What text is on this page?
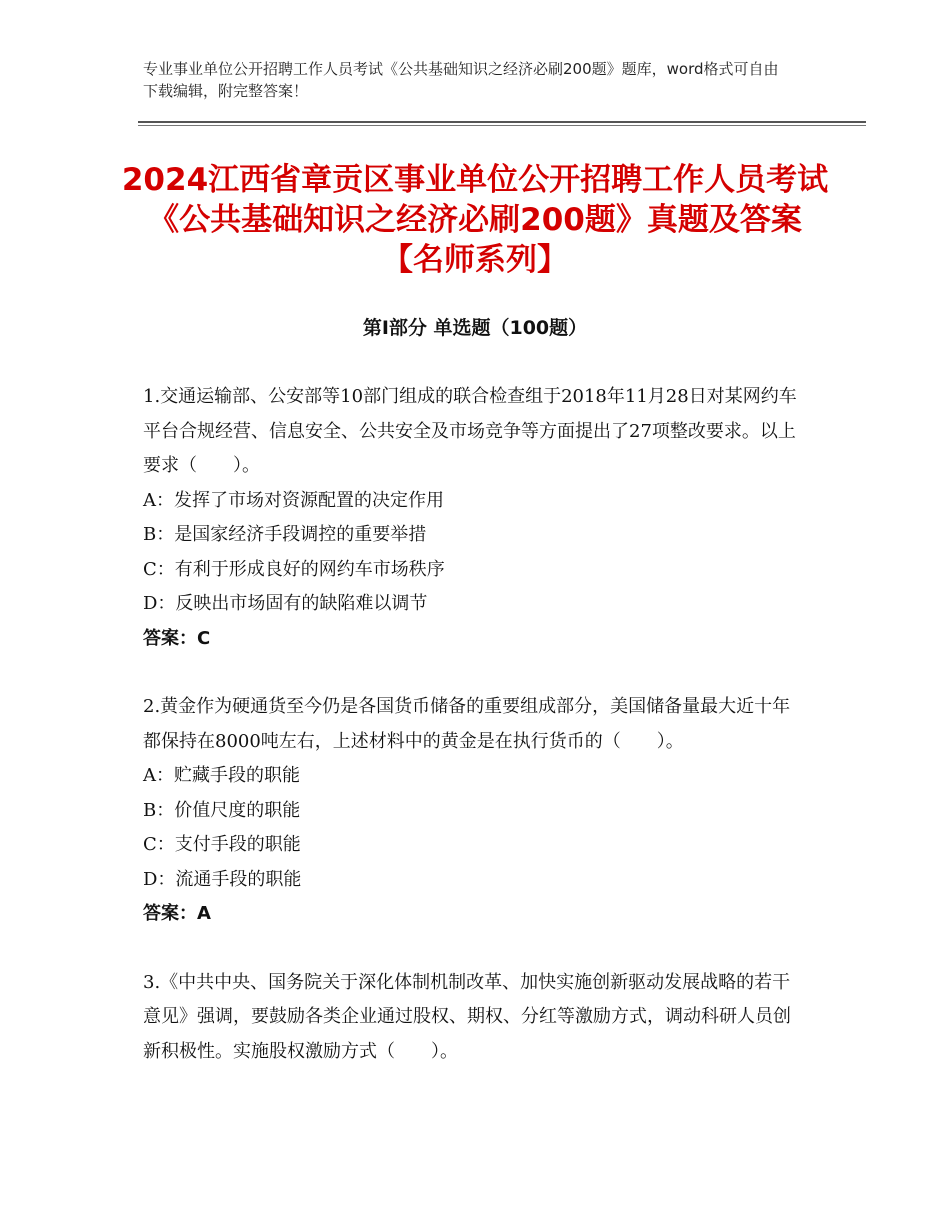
专业事业单位公开招聘工作人员考试《公共基础知识之经济必刷200题》题库，word格式可自由下载编辑，附完整答案！
2024江西省章贡区事业单位公开招聘工作人员考试《公共基础知识之经济必刷200题》真题及答案【名师系列】
第Ⅰ部分 单选题（100题）
1.交通运输部、公安部等10部门组成的联合检查组于2018年11月28日对某网约车平台合规经营、信息安全、公共安全及市场竞争等方面提出了27项整改要求。以上要求（　　）。
A：发挥了市场对资源配置的决定作用
B：是国家经济手段调控的重要举措
C：有利于形成良好的网约车市场秩序
D：反映出市场固有的缺陷难以调节
答案：C
2.黄金作为硬通货至今仍是各国货币储备的重要组成部分，美国储备量最大近十年都保持在8000吨左右，上述材料中的黄金是在执行货币的（　　）。
A：贮藏手段的职能
B：价值尺度的职能
C：支付手段的职能
D：流通手段的职能
答案：A
3.《中共中央、国务院关于深化体制机制改革、加快实施创新驱动发展战略的若干意见》强调，要鼓励各类企业通过股权、期权、分红等激励方式，调动科研人员创新积极性。实施股权激励方式（　　）。
